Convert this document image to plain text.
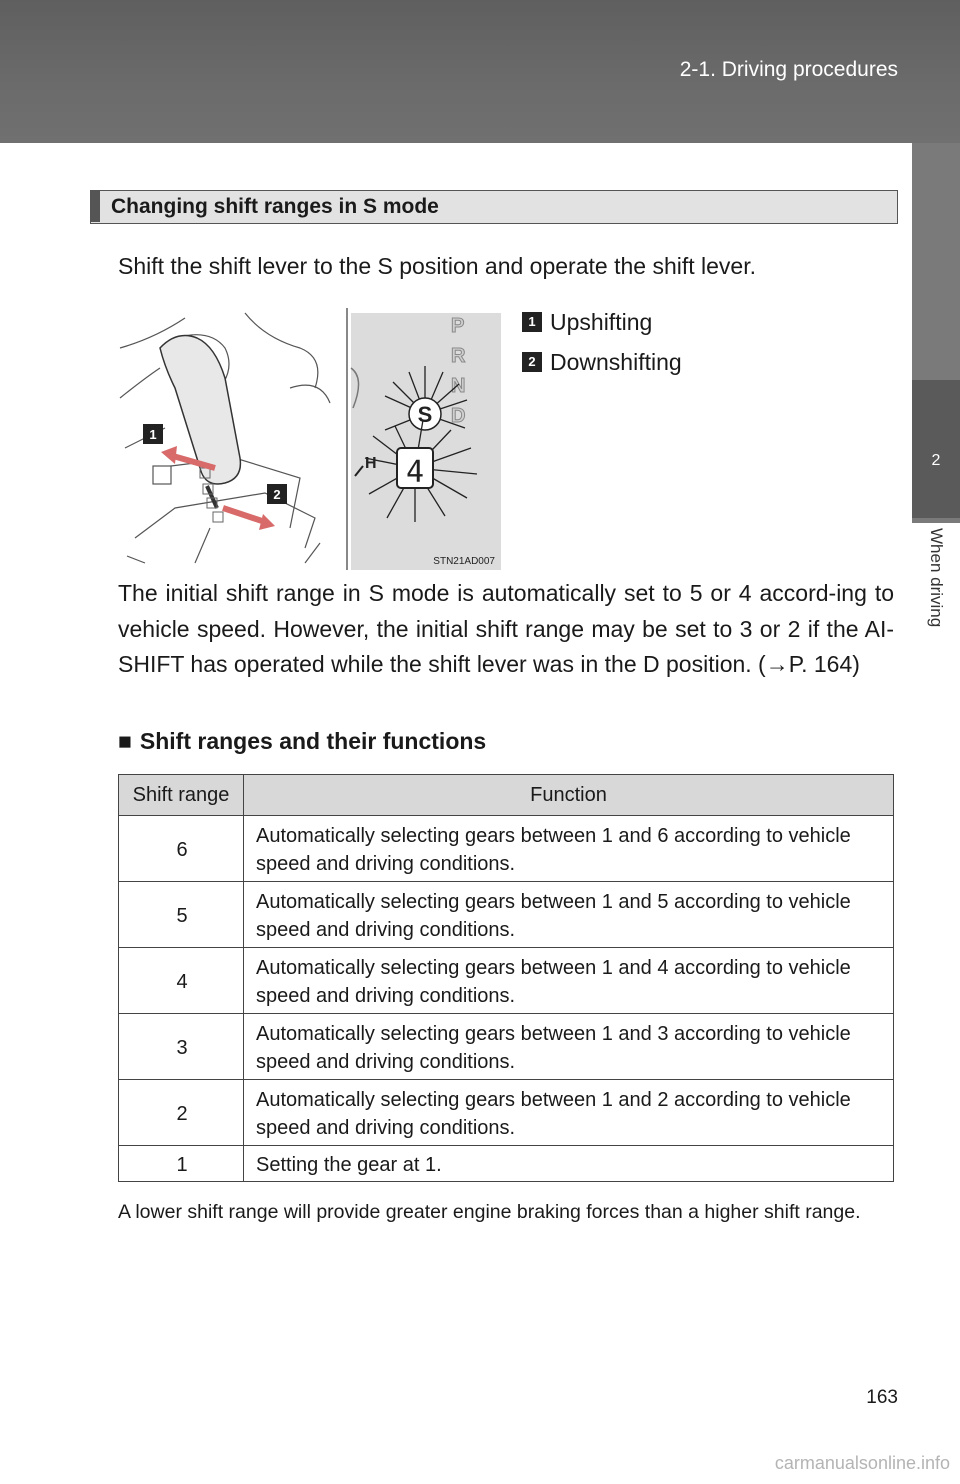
2-1. Driving procedures
2
When driving
Changing shift ranges in S mode
Shift the shift lever to the S position and operate the shift lever.
1
2
P
R
N
D
S
4
H
STN21AD007
1 Upshifting
2 Downshifting

The initial shift range in S mode is automatically set to 5 or 4 accord-ing to vehicle speed. However, the initial shift range may be set to 3 or 2 if the AI-SHIFT has operated while the shift lever was in the D position. (→P. 164)

■ Shift ranges and their functions
Shift range	Function
6	Automatically selecting gears between 1 and 6 according to vehicle speed and driving conditions.
5	Automatically selecting gears between 1 and 5 according to vehicle speed and driving conditions.
4	Automatically selecting gears between 1 and 4 according to vehicle speed and driving conditions.
3	Automatically selecting gears between 1 and 3 according to vehicle speed and driving conditions.
2	Automatically selecting gears between 1 and 2 according to vehicle speed and driving conditions.
1	Setting the gear at 1.

A lower shift range will provide greater engine braking forces than a higher shift range.

163
carmanualsonline.info
